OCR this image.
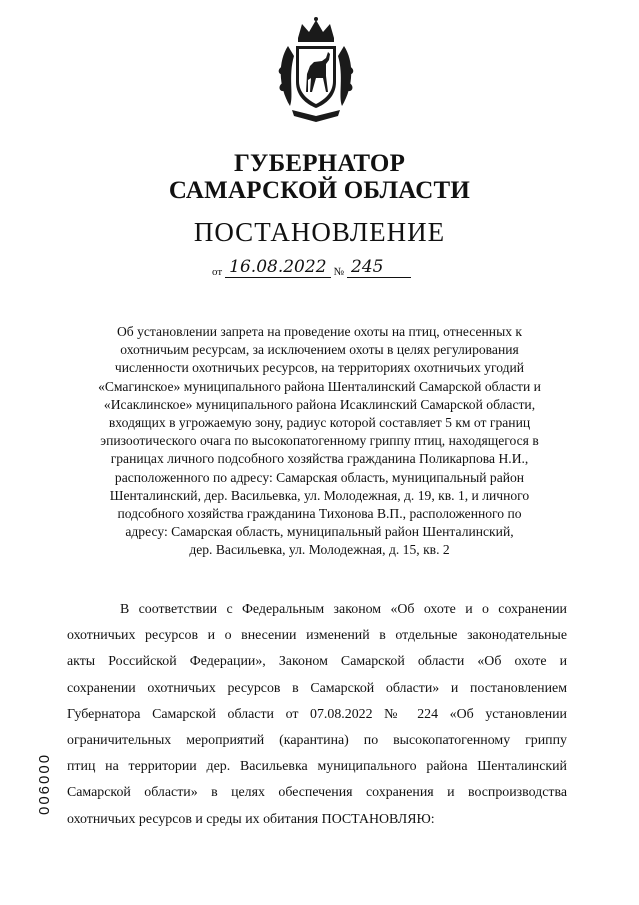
ГУБЕРНАТОР
САМАРСКОЙ ОБЛАСТИ
ПОСТАНОВЛЕНИЕ
от 16.08.2022 № 245
Об установлении запрета на проведение охоты на птиц, отнесенных к
охотничьим ресурсам, за исключением охоты в целях регулирования
численности охотничьих ресурсов, на территориях охотничьих угодий
«Смагинское» муниципального района Шенталинский Самарской области и
«Исаклинское» муниципального района Исаклинский Самарской области,
входящих в угрожаемую зону, радиус которой составляет 5 км от границ
эпизоотического очага по высокопатогенному гриппу птиц, находящегося в
границах личного подсобного хозяйства гражданина Поликарпова Н.И.,
расположенного по адресу: Самарская область, муниципальный район
Шенталинский, дер. Васильевка, ул. Молодежная, д. 19, кв. 1, и личного
подсобного хозяйства гражданина Тихонова В.П., расположенного по
адресу: Самарская область, муниципальный район Шенталинский,
дер. Васильевка, ул. Молодежная, д. 15, кв. 2
В соответствии с Федеральным законом «Об охоте и о сохранении
охотничьих ресурсов и о внесении изменений в отдельные законодательные
акты Российской Федерации», Законом Самарской области «Об охоте и
сохранении охотничьих ресурсов в Самарской области» и постановлением
Губернатора Самарской области от 07.08.2022 № 224 «Об установлении
ограничительных мероприятий (карантина) по высокопатогенному гриппу
птиц на территории дер. Васильевка муниципального района Шенталинский
Самарской области» в целях обеспечения сохранения и воспроизводства
охотничьих ресурсов и среды их обитания ПОСТАНОВЛЯЮ:
006000
